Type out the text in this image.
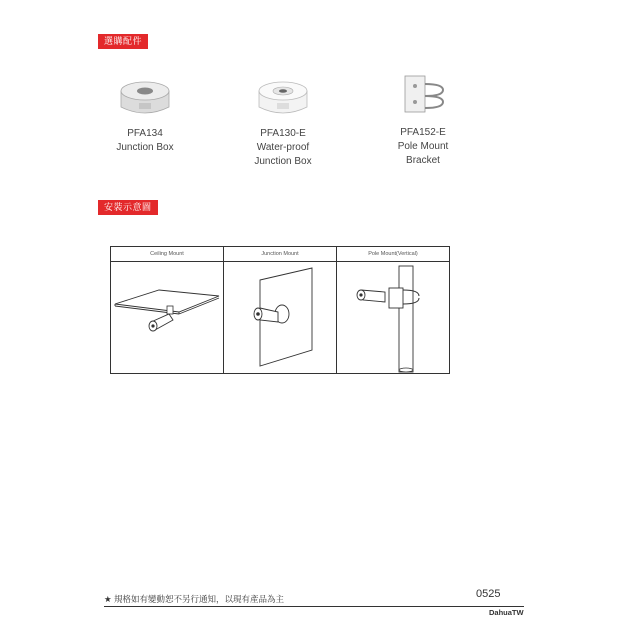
選購配件
PFA134
Junction Box
PFA130-E
Water-proof
Junction Box
PFA152-E
Pole Mount
Bracket
安裝示意圖
Ceiling Mount	Junction Mount	Pole Mount(Vertical)
★ 規格如有變動恕不另行通知，以現有產品為主	0525
DahuaTW
